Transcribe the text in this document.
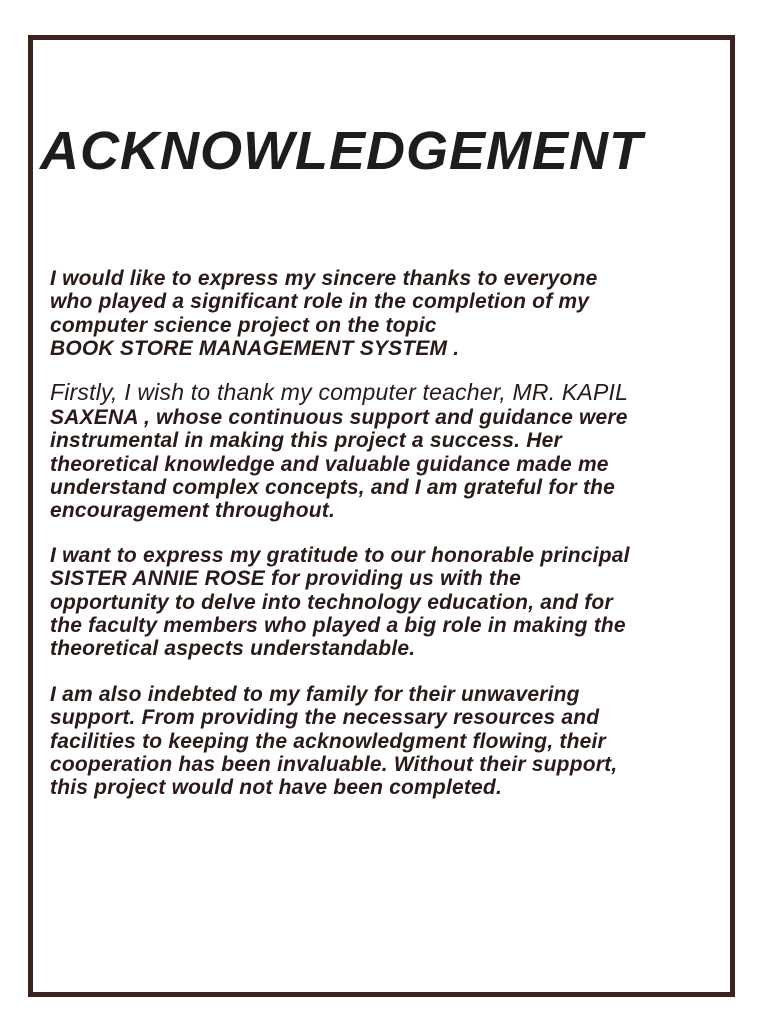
ACKNOWLEDGEMENT

I would like to express my sincere thanks to everyone
who played a significant role in the completion of my
computer science project on the topic
BOOK STORE MANAGEMENT SYSTEM .

Firstly, I wish to thank my computer teacher, MR. KAPIL
SAXENA , whose continuous support and guidance were
instrumental in making this project a success. Her
theoretical knowledge and valuable guidance made me
understand complex concepts, and I am grateful for the
encouragement throughout.

I want to express my gratitude to our honorable principal
SISTER ANNIE ROSE for providing us with the
opportunity to delve into technology education, and for
the faculty members who played a big role in making the
theoretical aspects understandable.

I am also indebted to my family for their unwavering
support. From providing the necessary resources and
facilities to keeping the acknowledgment flowing, their
cooperation has been invaluable. Without their support,
this project would not have been completed.
